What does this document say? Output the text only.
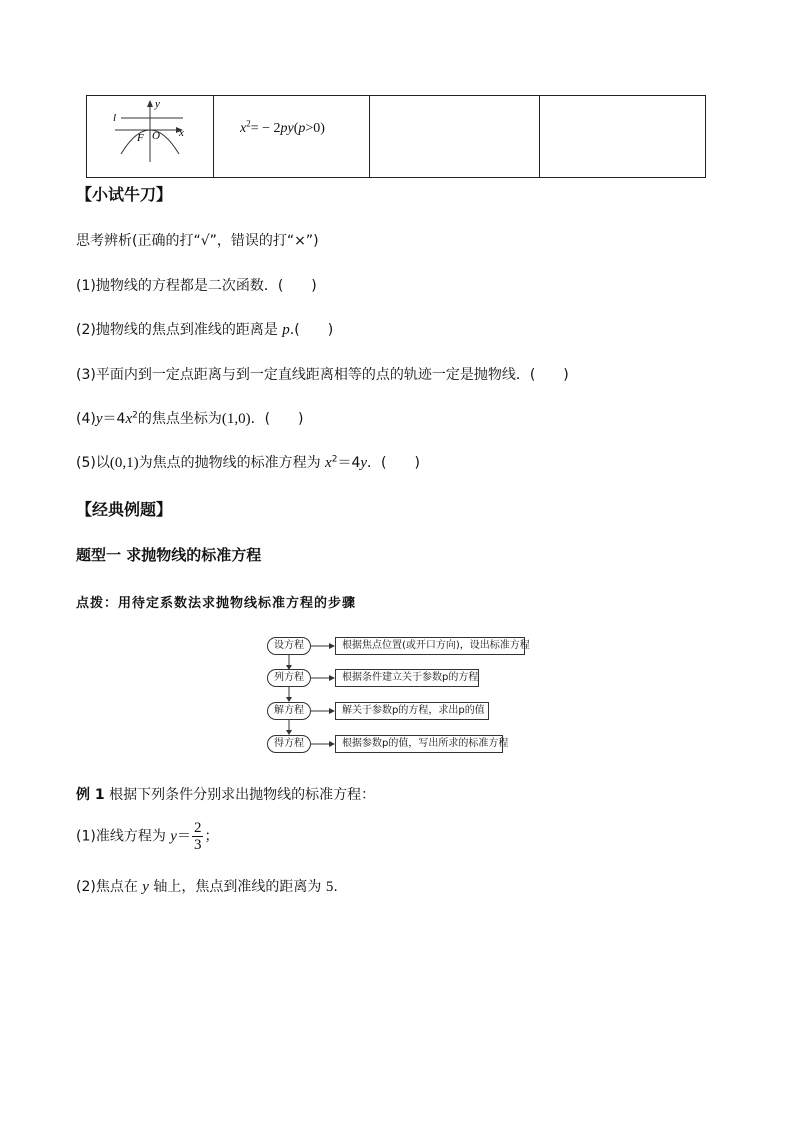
y
x
l
F O	$x^2= - 2py(p>0)$
【小试牛刀】
思考辨析(正确的打“√”，错误的打“×”)
(1)抛物线的方程都是二次函数．(　　)
(2)抛物线的焦点到准线的距离是 p.(　　)
(3)平面内到一定点距离与到一定直线距离相等的点的轨迹一定是抛物线．(　　)
$(4)y=4x^2$的焦点坐标为(1,0)．(　　)
(5)以(0,1)为焦点的抛物线的标准方程为 $x^2=4y$．(　　)
【经典例题】
题型一 求抛物线的标准方程
点拨：用待定系数法求抛物线标准方程的步骤
设方程	根据焦点位置(或开口方向)，设出标准方程
列方程	根据条件建立关于参数p的方程
解方程	解关于参数p的方程，求出p的值
得方程	根据参数p的值，写出所求的标准方程
例 1 根据下列条件分别求出抛物线的标准方程：
(1)准线方程为 $y= \frac{2}{3}$ ；
(2)焦点在 y 轴上，焦点到准线的距离为 5.
